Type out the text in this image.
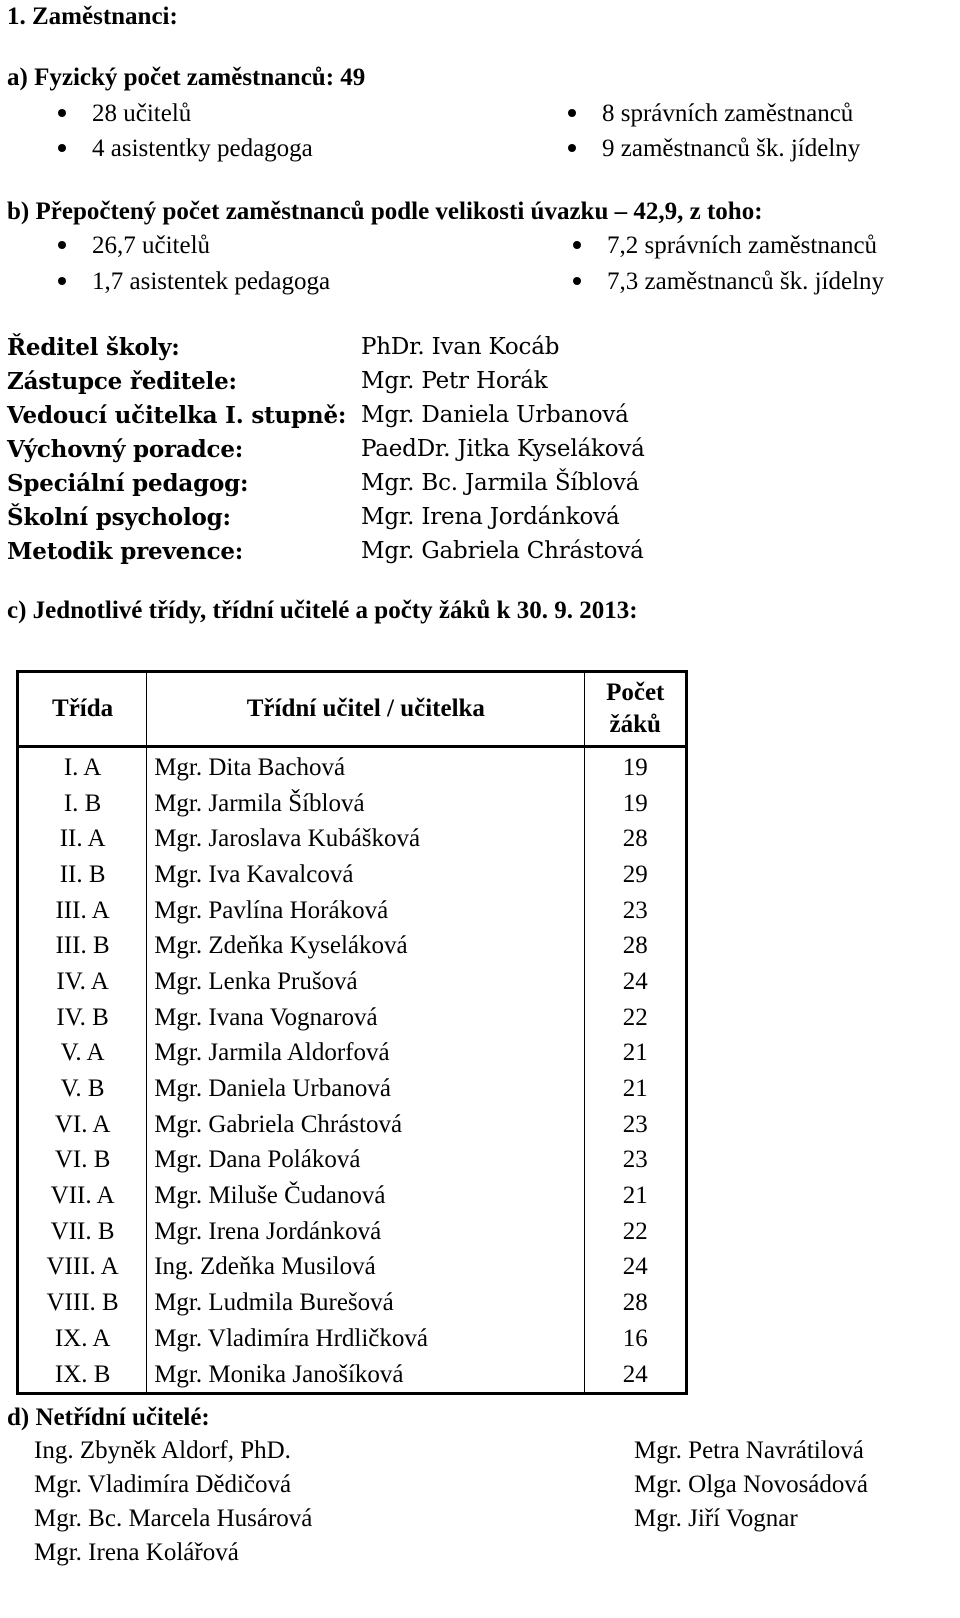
1. Zaměstnanci:
a) Fyzický počet zaměstnanců: 49
28 učitelů
4 asistentky pedagoga
8 správních zaměstnanců
9 zaměstnanců šk. jídelny
b) Přepočtený počet zaměstnanců podle velikosti úvazku – 42,9, z toho:
26,7 učitelů
1,7 asistentek pedagoga
7,2 správních zaměstnanců
7,3 zaměstnanců šk. jídelny
Ředitel školy:	PhDr. Ivan Kocáb
Zástupce ředitele:	Mgr. Petr Horák
Vedoucí učitelka I. stupně: Mgr. Daniela Urbanová
Výchovný poradce:	PaedDr. Jitka Kyseláková
Speciální pedagog:	Mgr. Bc. Jarmila Šíblová
Školní psycholog:	Mgr. Irena Jordánková
Metodik prevence:	Mgr. Gabriela Chrástová
c) Jednotlivé třídy, třídní učitelé a počty žáků k 30. 9. 2013:
Třída	Třídní učitel / učitelka	Počet
žáků
I. A	Mgr. Dita Bachová	19
I. B	Mgr. Jarmila Šíblová	19
II. A	Mgr. Jaroslava Kubášková	28
II. B	Mgr. Iva Kavalcová	29
III. A	Mgr. Pavlína Horáková	23
III. B	Mgr. Zdeňka Kyseláková	28
IV. A	Mgr. Lenka Prušová	24
IV. B	Mgr. Ivana Vognarová	22
V. A	Mgr. Jarmila Aldorfová	21
V. B	Mgr. Daniela Urbanová	21
VI. A	Mgr. Gabriela Chrástová	23
VI. B	Mgr. Dana Poláková	23
VII. A	Mgr. Miluše Čudanová	21
VII. B	Mgr. Irena Jordánková	22
VIII. A	Ing. Zdeňka Musilová	24
VIII. B	Mgr. Ludmila Burešová	28
IX. A	Mgr. Vladimíra Hrdličková	16
IX. B	Mgr. Monika Janošíková	24
d) Netřídní učitelé:
Ing. Zbyněk Aldorf, PhD.
Mgr. Vladimíra Dědičová
Mgr. Bc. Marcela Husárová
Mgr. Irena Kolářová
Mgr. Petra Navrátilová
Mgr. Olga Novosádová
Mgr. Jiří Vognar
